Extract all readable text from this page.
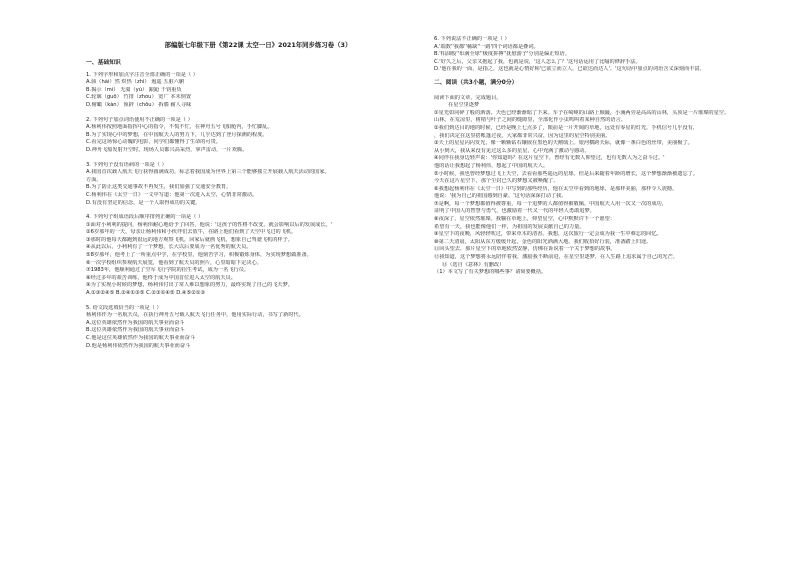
部编版七年级下册《第22课 太空一日》2021年同步练习卷（3）
一、基础知识

1. 下列字形和加点字注音全部正确的一项是（ ）

A.骇（hài）然 炽热（zhì） 遏遥 五脏六腑

B.揭示（mì） 无虞（yú） 踉跄 千钧重负

C.轮廓（guō） 竹排（zhòu） 宽广 本末倒置

D.俯瞰（kàn） 预辟（chōu） 拆膝 耐人寻味

2. 下列句子加点词语使用不正确的一项是（ ）

A.杨利伟按照地面指挥中心的指令，不慌不忙，在神舟五号飞船舱内，手忙脚乱。

B.为了实现心中的梦想，在中国航天人的努力下，几乎达到了登月探测的程度。

C.看完这场惊心动魄的电影，同学们都懂得了生命的可贵。

D.神舟飞船发射升空时，现场人员都兴高采烈，掌声雷动，一片欢腾。

3. 下列句子没有语病的一项是（ ）

A.我国首次载人航天飞行获得圆满成功，标志着我国成为世界上第三个能够独立开展载人航天活动的国家。

方面。

B.为了防止这类交通事故不再发生，我们加强了交通安全教育。

C.杨利伟在《太空一日》一文中写道：他第一次进入太空，心情非常激动。

D.有没有坚定的信念，是一个人取得成功的关键。

4. 下列句子组成语段后顺序排列正确的一项是（ ）

①面对小利利的提问，杨利伟耐心地给予了回答，他说：'这孩子的性格不改变，就会影响以后的发展成长。'

②6岁那年的一天，母亲让杨利伟和小伙伴们去放牛，在路上他们看到了天空中飞过的飞机。

③那时的他每天都跑到很远的地方观察飞机，回家后就画飞机，想象自己驾驶飞机的样子。

④从此以后，小利利有了一个梦想，长大以后要成为一名优秀的航天员。

⑤8岁那年，他考上了一所重点中学，在学校里，他刻苦学习，积极锻炼身体，为实现梦想做准备。

⑥一次学校组织参观航天展览，他看到了航天员的照片，心里暗暗下定决心。

⑦1983年，他顺利通过了空军飞行学院的招生考试，成为一名飞行员。

⑧经过多年的艰苦训练，他终于成为中国首位进入太空的航天员。

⑨为了实现小时候的梦想，杨利伟付出了常人难以想象的努力，最终实现了自己的飞天梦。

A.①③②④⑤ B.②④①③⑤ C.②③①④⑤ D.④⑤②①③

5. 给文段选填恰当的一项是（ ）

杨利伟作为一名航天员，在执行神舟五号载人航天飞行任务中，他用实际行动，书写了新时代。

A.这位英雄依然作为我国的航天事业而奋斗

B.这位英雄依然作为我国的航天事业而奋斗

C.他是这位英雄依然作为我国的航天事业而奋斗

D.他是杨利伟依然作为我国的航天事业而奋斗

6. 下列说法不正确的一项是（ ）

A.'端数''我都''稀缺''一路'四个词语都是叠词。

B.'柏油般''布满全球''极度拼搏''抚慰游子'分别是偏正短语。

C.'好久之后，父亲又抱起了我，也就是说，'这人怎么了？'这句话运用了比喻的修辞手法。

D.'他在我的一面，是指之，这也就是心情好和'已欲立而立人，已欲达而达人'。'这句话中加点的词语含义深刻而丰富。

二、阅读（共3小题，满分0分）

阅读下面的文章，完成题目。

在星空里逐梦

①星光如同碎了般的洒落，天色已经渐渐暗了下来。车子在崎岖的山路上颠簸，小溪两旁是高高的山林，头顶是一片璀璨的星空。

山林。在荒凉里，树梢与叶子之间的缝隙里，全部化作小虫鸣叫着某种自然的语言。

②我们到达目的地的时候，已经是晚上七点多了，眼前是一片开阔的草地，远处有零星的灯光，手机信号几乎没有，

，我们决定在这里搭帐篷过夜。大家都非常兴奋，因为这里的星空特别美丽。

③天上的星星闪闪发光，像一颗颗钻石镶嵌在黑色的天鹅绒上。银河横跨天际，就像一条白色的丝带，美丽极了。

从小到大，我从来没有见过这么多的星星，心中充满了激动与感动。

④同伴在我身边轻声说：'你知道吗？在这片星空下，曾经有无数人仰望过，也有无数人为之奋斗过。'

他的话让我想起了杨利伟，想起了中国的航天人。

⑤小时候，我也曾经梦想过飞上天空，去看看那些遥远的星球。但是后来随着年龄的增长，这个梦想渐渐被遗忘了。

今天在这片星空下，那个尘封已久的梦想又被唤醒了。

⑥我想起杨利伟在《太空一日》中写到的那些经历，他在太空中看到的地球，是那样美丽，那样令人震撼。

他说：'我为自己的祖国感到自豪。'这句话深深打动了我。

⑦是啊，每一个梦想都值得被尊重，每一个追梦的人都值得被敬佩。中国航天人用一次又一次的成功，

证明了中国人的智慧与勇气，也激励着一代又一代的年轻人勇敢追梦。

⑧夜深了，星空依然璀璨。我躺在草地上，仰望星空，心中默默许下一个愿望：

希望有一天，我也能像他们一样，为祖国的发展贡献自己的力量。

⑨星空下的夜晚，风轻轻吹过，带来草木的清香。我想，这次旅行一定会成为我一生中难忘的回忆。

⑩第二天清晨，太阳从东方缓缓升起，金色的阳光洒满大地。我们收拾好行装，准备踏上归途。

⑪回头望去，那片星空下的草地依然安静，仿佛在诉说着一个关于梦想的故事。

⑫我知道，这个梦想将永远陪伴着我，激励我不断前进，在星空里逐梦，在人生路上追求属于自己的光芒。

⑬（选自《意林》有删改）

（1）本文写了有关梦想的哪些事？请简要概括。
